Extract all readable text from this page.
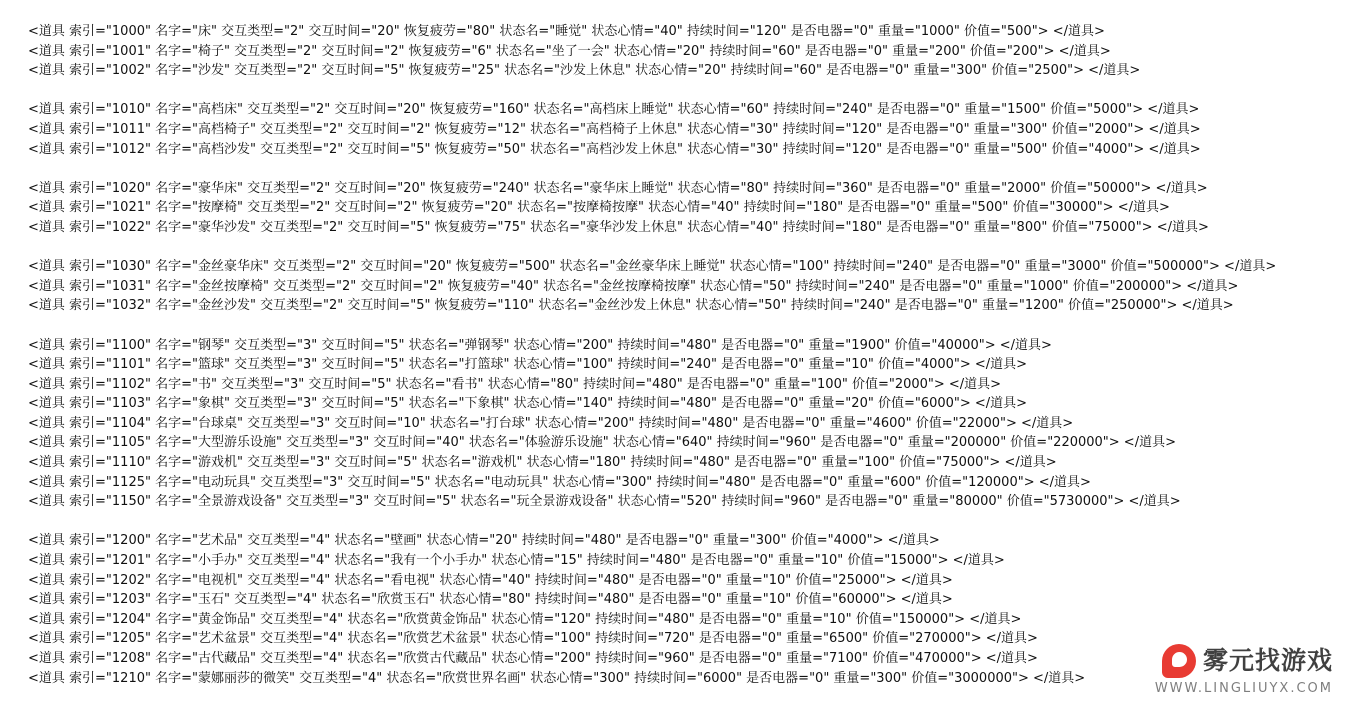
<道具 索引="1000" 名字="床" 交互类型="2" 交互时间="20" 恢复疲劳="80" 状态名="睡觉" 状态心情="40" 持续时间="120" 是否电器="0" 重量="1000" 价值="500"> </道具>
<道具 索引="1001" 名字="椅子" 交互类型="2" 交互时间="2" 恢复疲劳="6" 状态名="坐了一会" 状态心情="20" 持续时间="60" 是否电器="0" 重量="200" 价值="200"> </道具>
<道具 索引="1002" 名字="沙发" 交互类型="2" 交互时间="5" 恢复疲劳="25" 状态名="沙发上休息" 状态心情="20" 持续时间="60" 是否电器="0" 重量="300" 价值="2500"> </道具>
<道具 索引="1010" 名字="高档床" 交互类型="2" 交互时间="20" 恢复疲劳="160" 状态名="高档床上睡觉" 状态心情="60" 持续时间="240" 是否电器="0" 重量="1500" 价值="5000"> </道具>
<道具 索引="1011" 名字="高档椅子" 交互类型="2" 交互时间="2" 恢复疲劳="12" 状态名="高档椅子上休息" 状态心情="30" 持续时间="120" 是否电器="0" 重量="300" 价值="2000"> </道具>
<道具 索引="1012" 名字="高档沙发" 交互类型="2" 交互时间="5" 恢复疲劳="50" 状态名="高档沙发上休息" 状态心情="30" 持续时间="120" 是否电器="0" 重量="500" 价值="4000"> </道具>
<道具 索引="1020" 名字="豪华床" 交互类型="2" 交互时间="20" 恢复疲劳="240" 状态名="豪华床上睡觉" 状态心情="80" 持续时间="360" 是否电器="0" 重量="2000" 价值="50000"> </道具>
<道具 索引="1021" 名字="按摩椅" 交互类型="2" 交互时间="2" 恢复疲劳="20" 状态名="按摩椅按摩" 状态心情="40" 持续时间="180" 是否电器="0" 重量="500" 价值="30000"> </道具>
<道具 索引="1022" 名字="豪华沙发" 交互类型="2" 交互时间="5" 恢复疲劳="75" 状态名="豪华沙发上休息" 状态心情="40" 持续时间="180" 是否电器="0" 重量="800" 价值="75000"> </道具>
<道具 索引="1030" 名字="金丝豪华床" 交互类型="2" 交互时间="20" 恢复疲劳="500" 状态名="金丝豪华床上睡觉" 状态心情="100" 持续时间="240" 是否电器="0" 重量="3000" 价值="500000"> </道具>
<道具 索引="1031" 名字="金丝按摩椅" 交互类型="2" 交互时间="2" 恢复疲劳="40" 状态名="金丝按摩椅按摩" 状态心情="50" 持续时间="240" 是否电器="0" 重量="1000" 价值="200000"> </道具>
<道具 索引="1032" 名字="金丝沙发" 交互类型="2" 交互时间="5" 恢复疲劳="110" 状态名="金丝沙发上休息" 状态心情="50" 持续时间="240" 是否电器="0" 重量="1200" 价值="250000"> </道具>
<道具 索引="1100" 名字="钢琴" 交互类型="3" 交互时间="5" 状态名="弹钢琴" 状态心情="200" 持续时间="480" 是否电器="0" 重量="1900" 价值="40000"> </道具>
<道具 索引="1101" 名字="篮球" 交互类型="3" 交互时间="5" 状态名="打篮球" 状态心情="100" 持续时间="240" 是否电器="0" 重量="10" 价值="4000"> </道具>
<道具 索引="1102" 名字="书" 交互类型="3" 交互时间="5" 状态名="看书" 状态心情="80" 持续时间="480" 是否电器="0" 重量="100" 价值="2000"> </道具>
<道具 索引="1103" 名字="象棋" 交互类型="3" 交互时间="5" 状态名="下象棋" 状态心情="140" 持续时间="480" 是否电器="0" 重量="20" 价值="6000"> </道具>
<道具 索引="1104" 名字="台球桌" 交互类型="3" 交互时间="10" 状态名="打台球" 状态心情="200" 持续时间="480" 是否电器="0" 重量="4600" 价值="22000"> </道具>
<道具 索引="1105" 名字="大型游乐设施" 交互类型="3" 交互时间="40" 状态名="体验游乐设施" 状态心情="640" 持续时间="960" 是否电器="0" 重量="200000" 价值="220000"> </道具>
<道具 索引="1110" 名字="游戏机" 交互类型="3" 交互时间="5" 状态名="游戏机" 状态心情="180" 持续时间="480" 是否电器="0" 重量="100" 价值="75000"> </道具>
<道具 索引="1125" 名字="电动玩具" 交互类型="3" 交互时间="5" 状态名="电动玩具" 状态心情="300" 持续时间="480" 是否电器="0" 重量="600" 价值="120000"> </道具>
<道具 索引="1150" 名字="全景游戏设备" 交互类型="3" 交互时间="5" 状态名="玩全景游戏设备" 状态心情="520" 持续时间="960" 是否电器="0" 重量="80000" 价值="5730000"> </道具>
<道具 索引="1200" 名字="艺术品" 交互类型="4" 状态名="壁画" 状态心情="20" 持续时间="480" 是否电器="0" 重量="300" 价值="4000"> </道具>
<道具 索引="1201" 名字="小手办" 交互类型="4" 状态名="我有一个小手办" 状态心情="15" 持续时间="480" 是否电器="0" 重量="10" 价值="15000"> </道具>
<道具 索引="1202" 名字="电视机" 交互类型="4" 状态名="看电视" 状态心情="40" 持续时间="480" 是否电器="0" 重量="10" 价值="25000"> </道具>
<道具 索引="1203" 名字="玉石" 交互类型="4" 状态名="欣赏玉石" 状态心情="80" 持续时间="480" 是否电器="0" 重量="10" 价值="60000"> </道具>
<道具 索引="1204" 名字="黄金饰品" 交互类型="4" 状态名="欣赏黄金饰品" 状态心情="120" 持续时间="480" 是否电器="0" 重量="10" 价值="150000"> </道具>
<道具 索引="1205" 名字="艺术盆景" 交互类型="4" 状态名="欣赏艺术盆景" 状态心情="100" 持续时间="720" 是否电器="0" 重量="6500" 价值="270000"> </道具>
<道具 索引="1208" 名字="古代藏品" 交互类型="4" 状态名="欣赏古代藏品" 状态心情="200" 持续时间="960" 是否电器="0" 重量="7100" 价值="470000"> </道具>
<道具 索引="1210" 名字="蒙娜丽莎的微笑" 交互类型="4" 状态名="欣赏世界名画" 状态心情="300" 持续时间="6000" 是否电器="0" 重量="300" 价值="3000000"> </道具>
雾元找游戏
WWW.LINGLIUYX.COM
